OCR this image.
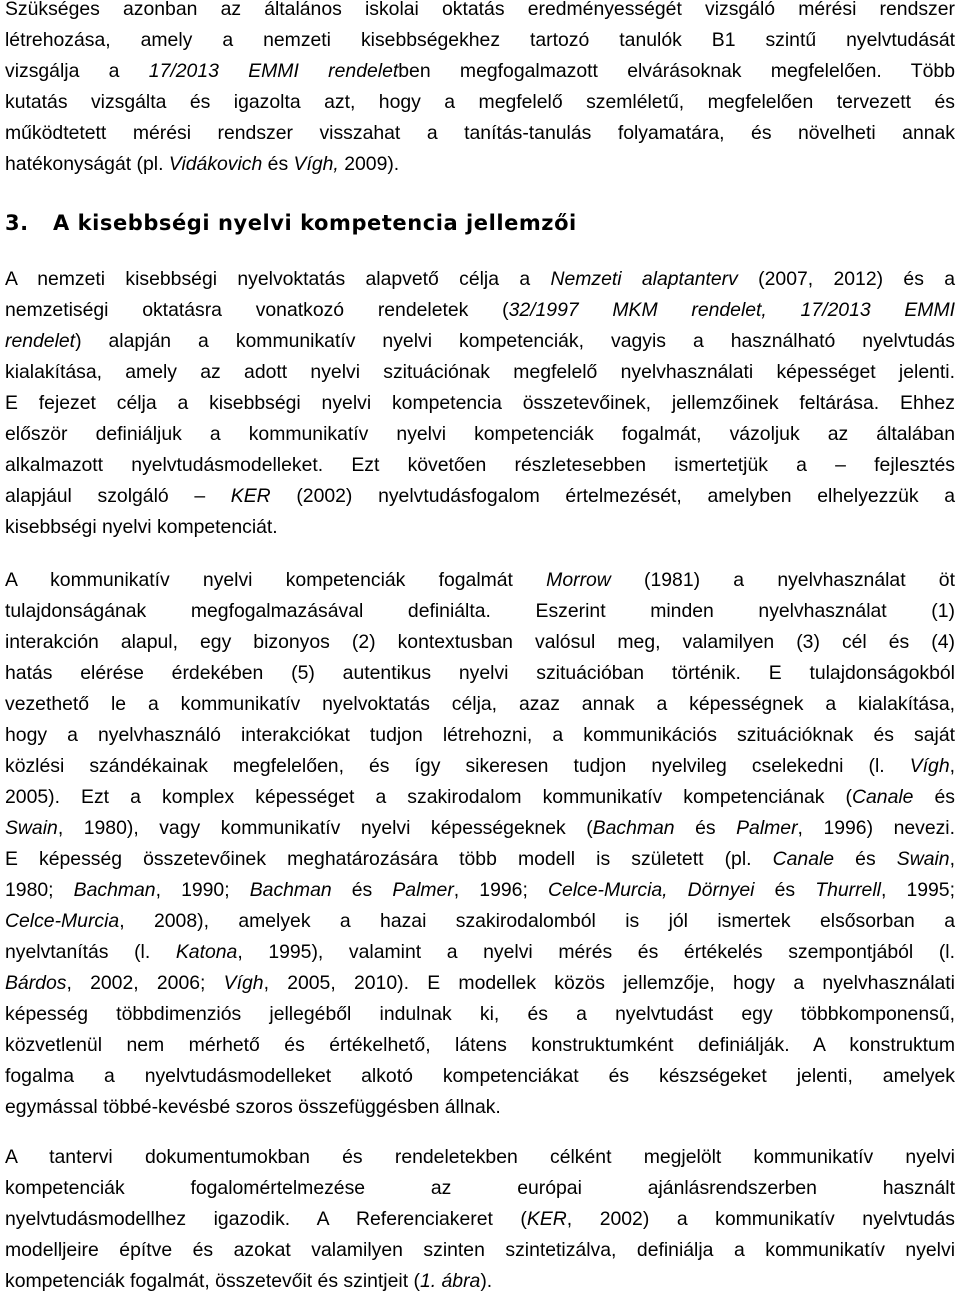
Szükséges azonban az általános iskolai oktatás eredményességét vizsgáló mérési rendszer
létrehozása, amely a nemzeti kisebbségekhez tartozó tanulók B1 szintű nyelvtudását
vizsgálja a 17/2013 EMMI rendeletben megfogalmazott elvárásoknak megfelelően. Több
kutatás vizsgálta és igazolta azt, hogy a megfelelő szemléletű, megfelelően tervezett és
működtetett mérési rendszer visszahat a tanítás-tanulás folyamatára, és növelheti annak
hatékonyságát (pl. Vidákovich és Vígh, 2009).
3. A kisebbségi nyelvi kompetencia jellemzői
A nemzeti kisebbségi nyelvoktatás alapvető célja a Nemzeti alaptanterv (2007, 2012) és a
nemzetiségi oktatásra vonatkozó rendeletek (32/1997 MKM rendelet, 17/2013 EMMI
rendelet) alapján a kommunikatív nyelvi kompetenciák, vagyis a használható nyelvtudás
kialakítása, amely az adott nyelvi szituációnak megfelelő nyelvhasználati képességet jelenti.
E fejezet célja a kisebbségi nyelvi kompetencia összetevőinek, jellemzőinek feltárása. Ehhez
először definiáljuk a kommunikatív nyelvi kompetenciák fogalmát, vázoljuk az általában
alkalmazott nyelvtudásmodelleket. Ezt követően részletesebben ismertetjük a – fejlesztés
alapjául szolgáló – KER (2002) nyelvtudásfogalom értelmezését, amelyben elhelyezzük a
kisebbségi nyelvi kompetenciát.
A kommunikatív nyelvi kompetenciák fogalmát Morrow (1981) a nyelvhasználat öt
tulajdonságának megfogalmazásával definiálta. Eszerint minden nyelvhasználat (1)
interakción alapul, egy bizonyos (2) kontextusban valósul meg, valamilyen (3) cél és (4)
hatás elérése érdekében (5) autentikus nyelvi szituációban történik. E tulajdonságokból
vezethető le a kommunikatív nyelvoktatás célja, azaz annak a képességnek a kialakítása,
hogy a nyelvhasználó interakciókat tudjon létrehozni, a kommunikációs szituációknak és saját
közlési szándékainak megfelelően, és így sikeresen tudjon nyelvileg cselekedni (l. Vígh,
2005). Ezt a komplex képességet a szakirodalom kommunikatív kompetenciának (Canale és
Swain, 1980), vagy kommunikatív nyelvi képességeknek (Bachman és Palmer, 1996) nevezi.
E képesség összetevőinek meghatározására több modell is született (pl. Canale és Swain,
1980; Bachman, 1990; Bachman és Palmer, 1996; Celce-Murcia, Dörnyei és Thurrell, 1995;
Celce-Murcia, 2008), amelyek a hazai szakirodalomból is jól ismertek elsősorban a
nyelvtanítás (l. Katona, 1995), valamint a nyelvi mérés és értékelés szempontjából (l.
Bárdos, 2002, 2006; Vígh, 2005, 2010). E modellek közös jellemzője, hogy a nyelvhasználati
képesség többdimenziós jellegéből indulnak ki, és a nyelvtudást egy többkomponensű,
közvetlenül nem mérhető és értékelhető, látens konstruktumként definiálják. A konstruktum
fogalma a nyelvtudásmodelleket alkotó kompetenciákat és készségeket jelenti, amelyek
egymással többé-kevésbé szoros összefüggésben állnak.
A tantervi dokumentumokban és rendeletekben célként megjelölt kommunikatív nyelvi
kompetenciák fogalomértelmezése az európai ajánlásrendszerben használt
nyelvtudásmodellhez igazodik. A Referenciakeret (KER, 2002) a kommunikatív nyelvtudás
modelljeire építve és azokat valamilyen szinten szintetizálva, definiálja a kommunikatív nyelvi
kompetenciák fogalmát, összetevőit és szintjeit (1. ábra).
